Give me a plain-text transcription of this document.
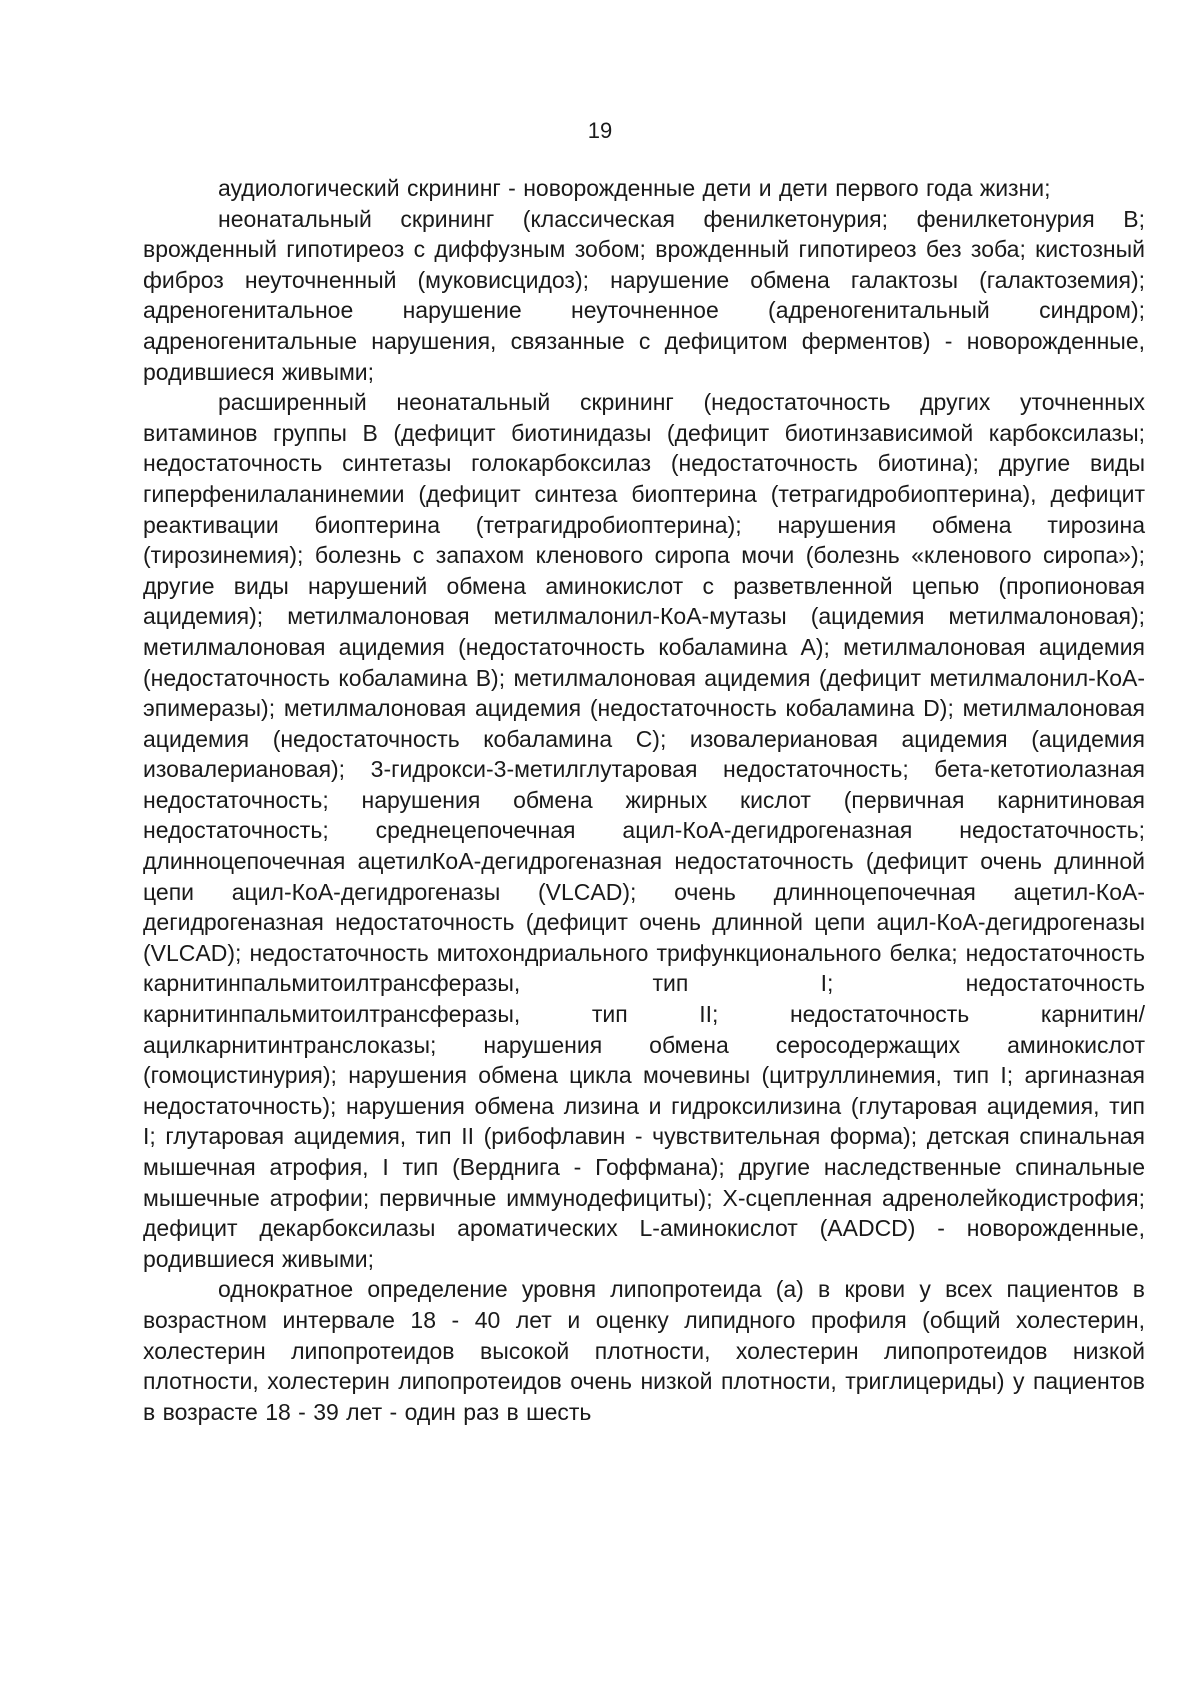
19

аудиологический скрининг - новорожденные дети и дети первого года жизни;

неонатальный скрининг (классическая фенилкетонурия; фенилкетонурия В; врожденный гипотиреоз с диффузным зобом; врожденный гипотиреоз без зоба; кистозный фиброз неуточненный (муковисцидоз); нарушение обмена галактозы (галактоземия); адреногенитальное нарушение неуточненное (адреногенитальный синдром); адреногенитальные нарушения, связанные с дефицитом ферментов) - новорожденные, родившиеся живыми;

расширенный неонатальный скрининг (недостаточность других уточненных витаминов группы В (дефицит биотинидазы (дефицит биотинзависимой карбоксилазы; недостаточность синтетазы голокарбоксилаз (недостаточность биотина); другие виды гиперфенилаланинемии (дефицит синтеза биоптерина (тетрагидробиоптерина), дефицит реактивации биоптерина (тетрагидробиоптерина); нарушения обмена тирозина (тирозинемия); болезнь с запахом кленового сиропа мочи (болезнь «кленового сиропа»); другие виды нарушений обмена аминокислот с разветвленной цепью (пропионовая ацидемия); метилмалоновая метилмалонил-КоА-мутазы (ацидемия метилмалоновая); метилмалоновая ацидемия (недостаточность кобаламина А); метилмалоновая ацидемия (недостаточность кобаламина В); метилмалоновая ацидемия (дефицит метилмалонил-КоА-эпимеразы); метилмалоновая ацидемия (недостаточность кобаламина D); метилмалоновая ацидемия (недостаточность кобаламина С); изовалериановая ацидемия (ацидемия изовалериановая); 3-гидрокси-3-метилглутаровая недостаточность; бета-кетотиолазная недостаточность; нарушения обмена жирных кислот (первичная карнитиновая недостаточность; среднецепочечная ацил-КоА-дегидрогеназная недостаточность; длинноцепочечная ацетилКоА-дегидрогеназная недостаточность (дефицит очень длинной цепи ацил-КоА-дегидрогеназы (VLCAD); очень длинноцепочечная ацетил-КоА-дегидрогеназная недостаточность (дефицит очень длинной цепи ацил-КоА-дегидрогеназы (VLCAD); недостаточность митохондриального трифункционального белка; недостаточность карнитинпальмитоилтрансферазы, тип I; недостаточность карнитинпальмитоилтрансферазы, тип II; недостаточность карнитин/ацилкарнитинтранслоказы; нарушения обмена серосодержащих аминокислот (гомоцистинурия); нарушения обмена цикла мочевины (цитруллинемия, тип I; аргиназная недостаточность); нарушения обмена лизина и гидроксилизина (глутаровая ацидемия, тип I; глутаровая ацидемия, тип II (рибофлавин - чувствительная форма); детская спинальная мышечная атрофия, I тип (Верднига - Гоффмана); другие наследственные спинальные мышечные атрофии; первичные иммунодефициты); Х-сцепленная адренолейкодистрофия; дефицит декарбоксилазы ароматических L-аминокислот (AADCD) - новорожденные, родившиеся живыми;

однократное определение уровня липопротеида (а) в крови у всех пациентов в возрастном интервале 18 - 40 лет и оценку липидного профиля (общий холестерин, холестерин липопротеидов высокой плотности, холестерин липопротеидов низкой плотности, холестерин липопротеидов очень низкой плотности, триглицериды) у пациентов в возрасте 18 - 39 лет - один раз в шесть
